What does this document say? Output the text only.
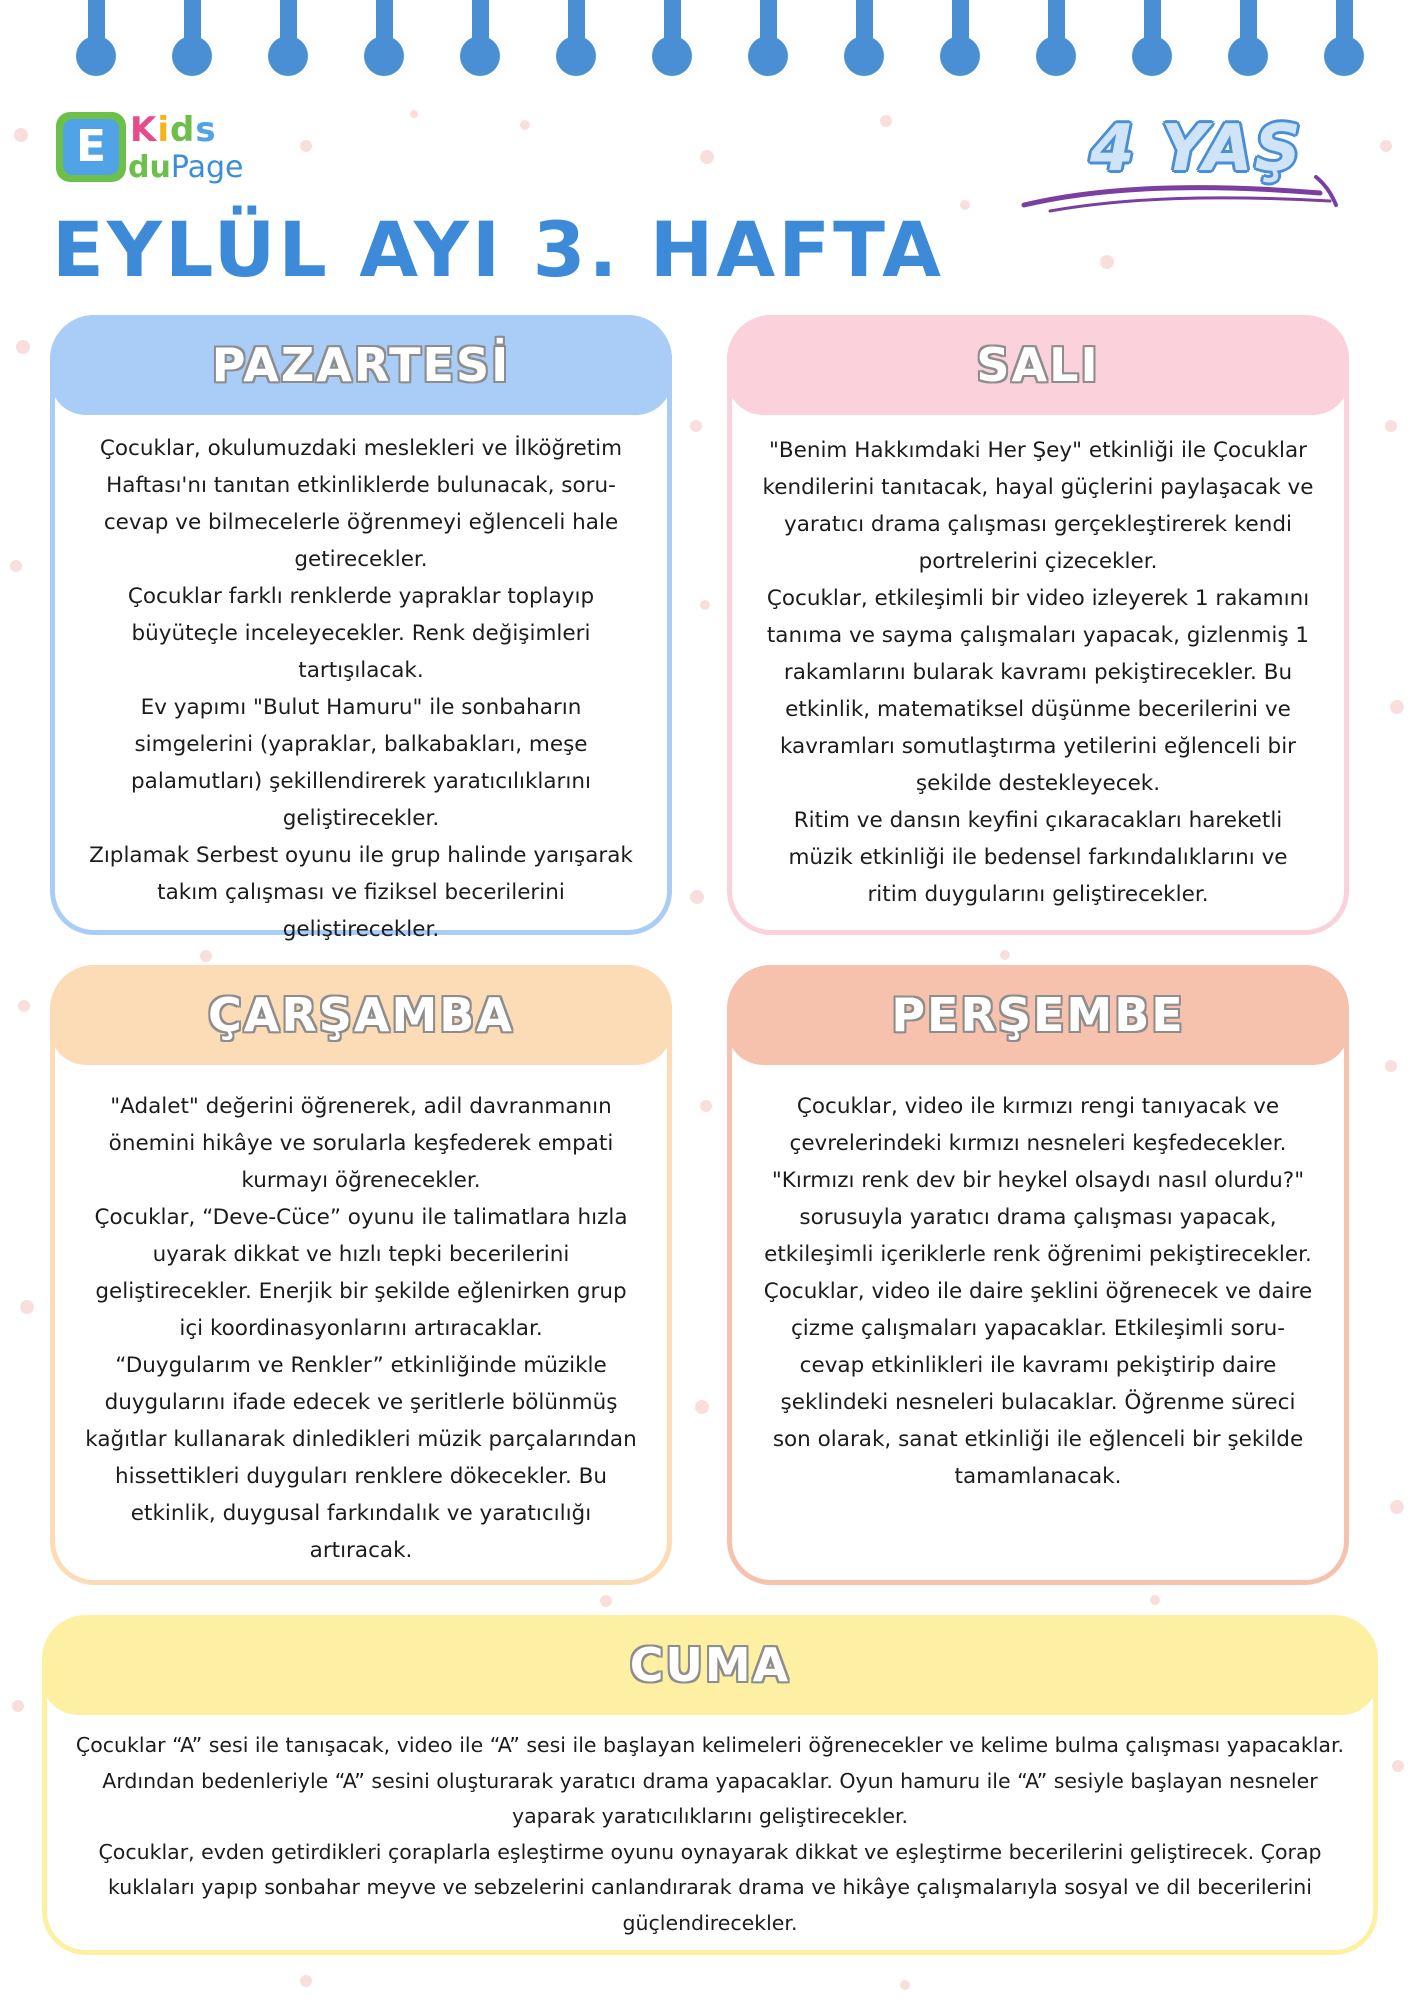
E Kids
duPage	4 YAŞ
EYLÜL AYI 3. HAFTA
PAZARTESİ

Çocuklar, okulumuzdaki meslekleri ve İlköğretim Haftası'nı tanıtan etkinliklerde bulunacak, soru-cevap ve bilmecelerle öğrenmeyi eğlenceli hale getirecekler.

Çocuklar farklı renklerde yapraklar toplayıp büyüteçle inceleyecekler. Renk değişimleri tartışılacak.

Ev yapımı "Bulut Hamuru" ile sonbaharın simgelerini (yapraklar, balkabakları, meşe palamutları) şekillendirerek yaratıcılıklarını geliştirecekler.

Zıplamak Serbest oyunu ile grup halinde yarışarak takım çalışması ve fiziksel becerilerini geliştirecekler.

SALI

"Benim Hakkımdaki Her Şey" etkinliği ile Çocuklar kendilerini tanıtacak, hayal güçlerini paylaşacak ve yaratıcı drama çalışması gerçekleştirerek kendi portrelerini çizecekler.

Çocuklar, etkileşimli bir video izleyerek 1 rakamını tanıma ve sayma çalışmaları yapacak, gizlenmiş 1 rakamlarını bularak kavramı pekiştirecekler. Bu etkinlik, matematiksel düşünme becerilerini ve kavramları somutlaştırma yetilerini eğlenceli bir şekilde destekleyecek.

Ritim ve dansın keyfini çıkaracakları hareketli müzik etkinliği ile bedensel farkındalıklarını ve ritim duygularını geliştirecekler.

ÇARŞAMBA

"Adalet" değerini öğrenerek, adil davranmanın önemini hikâye ve sorularla keşfederek empati kurmayı öğrenecekler.

Çocuklar, “Deve-Cüce” oyunu ile talimatlara hızla uyarak dikkat ve hızlı tepki becerilerini geliştirecekler. Enerjik bir şekilde eğlenirken grup içi koordinasyonlarını artıracaklar.

“Duygularım ve Renkler” etkinliğinde müzikle duygularını ifade edecek ve şeritlerle bölünmüş kağıtlar kullanarak dinledikleri müzik parçalarından hissettikleri duyguları renklere dökecekler. Bu etkinlik, duygusal farkındalık ve yaratıcılığı artıracak.

PERŞEMBE

Çocuklar, video ile kırmızı rengi tanıyacak ve çevrelerindeki kırmızı nesneleri keşfedecekler. "Kırmızı renk dev bir heykel olsaydı nasıl olurdu?" sorusuyla yaratıcı drama çalışması yapacak, etkileşimli içeriklerle renk öğrenimi pekiştirecekler.

Çocuklar, video ile daire şeklini öğrenecek ve daire çizme çalışmaları yapacaklar. Etkileşimli soru-cevap etkinlikleri ile kavramı pekiştirip daire şeklindeki nesneleri bulacaklar. Öğrenme süreci son olarak, sanat etkinliği ile eğlenceli bir şekilde tamamlanacak.

CUMA

Çocuklar “A” sesi ile tanışacak, video ile “A” sesi ile başlayan kelimeleri öğrenecekler ve kelime bulma çalışması yapacaklar. Ardından bedenleriyle “A” sesini oluşturarak yaratıcı drama yapacaklar. Oyun hamuru ile “A” sesiyle başlayan nesneler yaparak yaratıcılıklarını geliştirecekler.

Çocuklar, evden getirdikleri çoraplarla eşleştirme oyunu oynayarak dikkat ve eşleştirme becerilerini geliştirecek. Çorap kuklaları yapıp sonbahar meyve ve sebzelerini canlandırarak drama ve hikâye çalışmalarıyla sosyal ve dil becerilerini güçlendirecekler.
